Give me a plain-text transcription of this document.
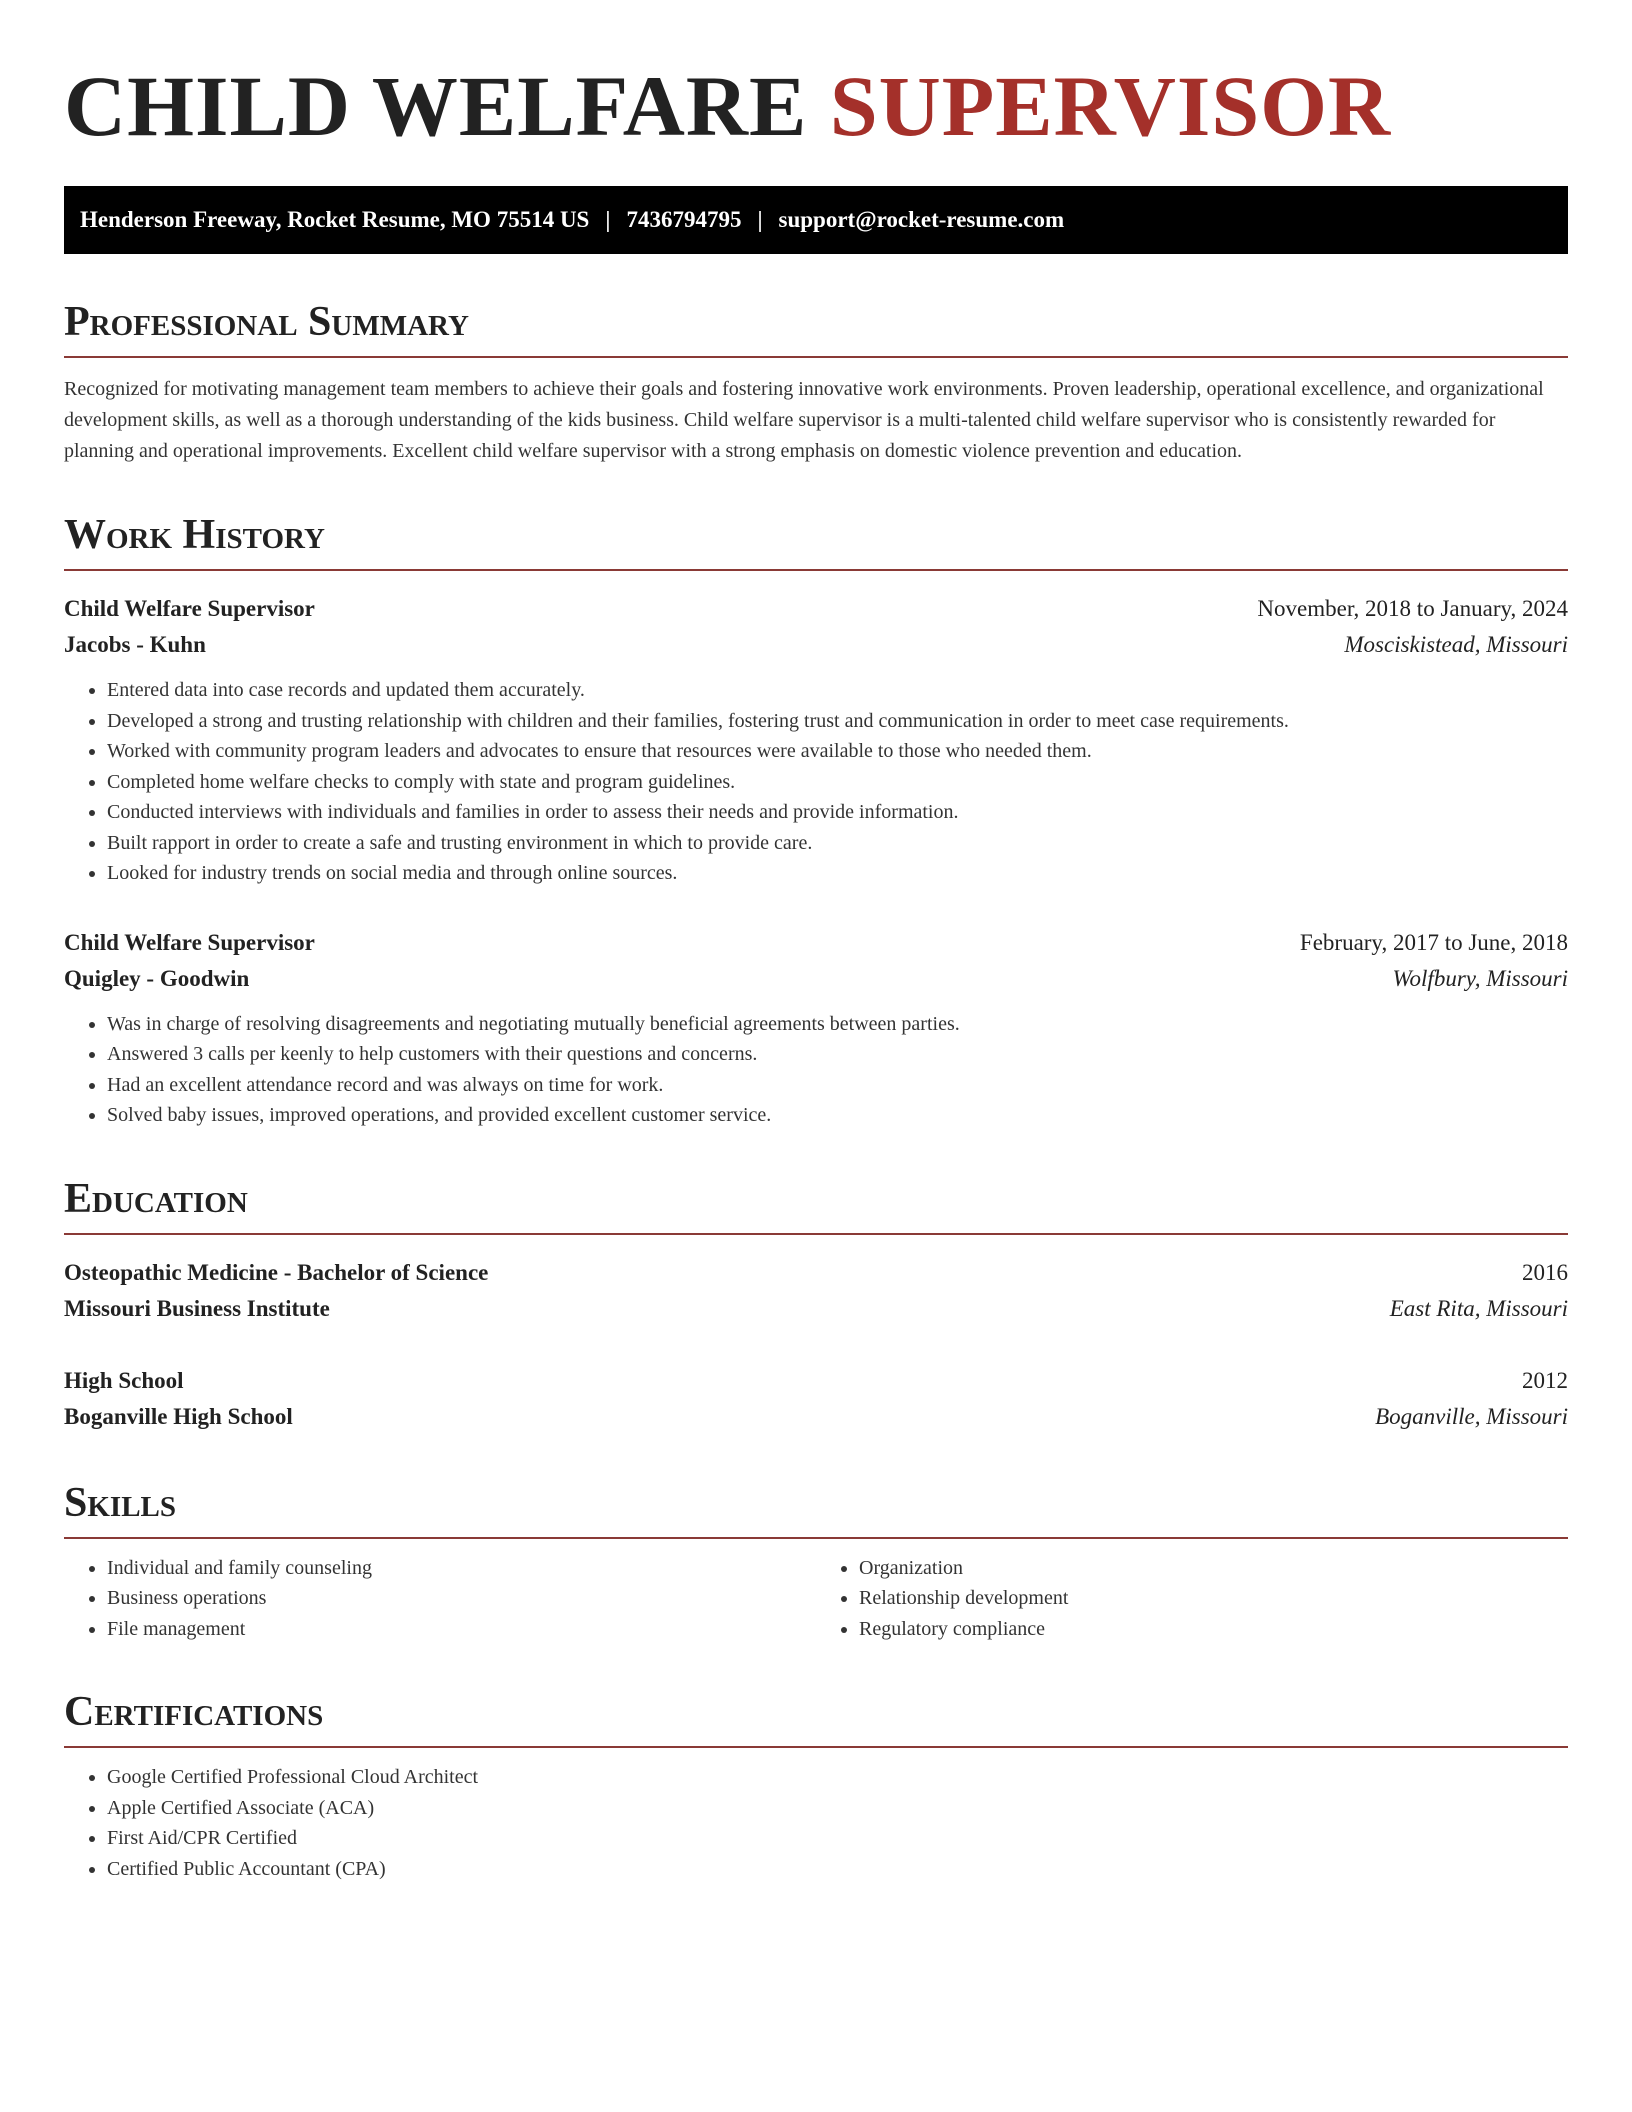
CHILD WELFARE SUPERVISOR
Henderson Freeway, Rocket Resume, MO 75514 US | 7436794795 | support@rocket-resume.com
Professional Summary

Recognized for motivating management team members to achieve their goals and fostering innovative work environments. Proven leadership, operational excellence, and organizational development skills, as well as a thorough understanding of the kids business. Child welfare supervisor is a multi-talented child welfare supervisor who is consistently rewarded for planning and operational improvements. Excellent child welfare supervisor with a strong emphasis on domestic violence prevention and education.

Work History
Child Welfare Supervisor	November, 2018 to January, 2024
Jacobs - Kuhn	Mosciskistead, Missouri
• Entered data into case records and updated them accurately.
• Developed a strong and trusting relationship with children and their families, fostering trust and communication in order to meet case requirements.
• Worked with community program leaders and advocates to ensure that resources were available to those who needed them.
• Completed home welfare checks to comply with state and program guidelines.
• Conducted interviews with individuals and families in order to assess their needs and provide information.
• Built rapport in order to create a safe and trusting environment in which to provide care.
• Looked for industry trends on social media and through online sources.
Child Welfare Supervisor	February, 2017 to June, 2018
Quigley - Goodwin	Wolfbury, Missouri
• Was in charge of resolving disagreements and negotiating mutually beneficial agreements between parties.
• Answered 3 calls per keenly to help customers with their questions and concerns.
• Had an excellent attendance record and was always on time for work.
• Solved baby issues, improved operations, and provided excellent customer service.
Education
Osteopathic Medicine - Bachelor of Science	2016
Missouri Business Institute	East Rita, Missouri
High School	2012
Boganville High School	Boganville, Missouri
Skills
• Individual and family counseling
• Business operations
• File management
• Organization
• Relationship development
• Regulatory compliance
Certifications
• Google Certified Professional Cloud Architect
• Apple Certified Associate (ACA)
• First Aid/CPR Certified
• Certified Public Accountant (CPA)
